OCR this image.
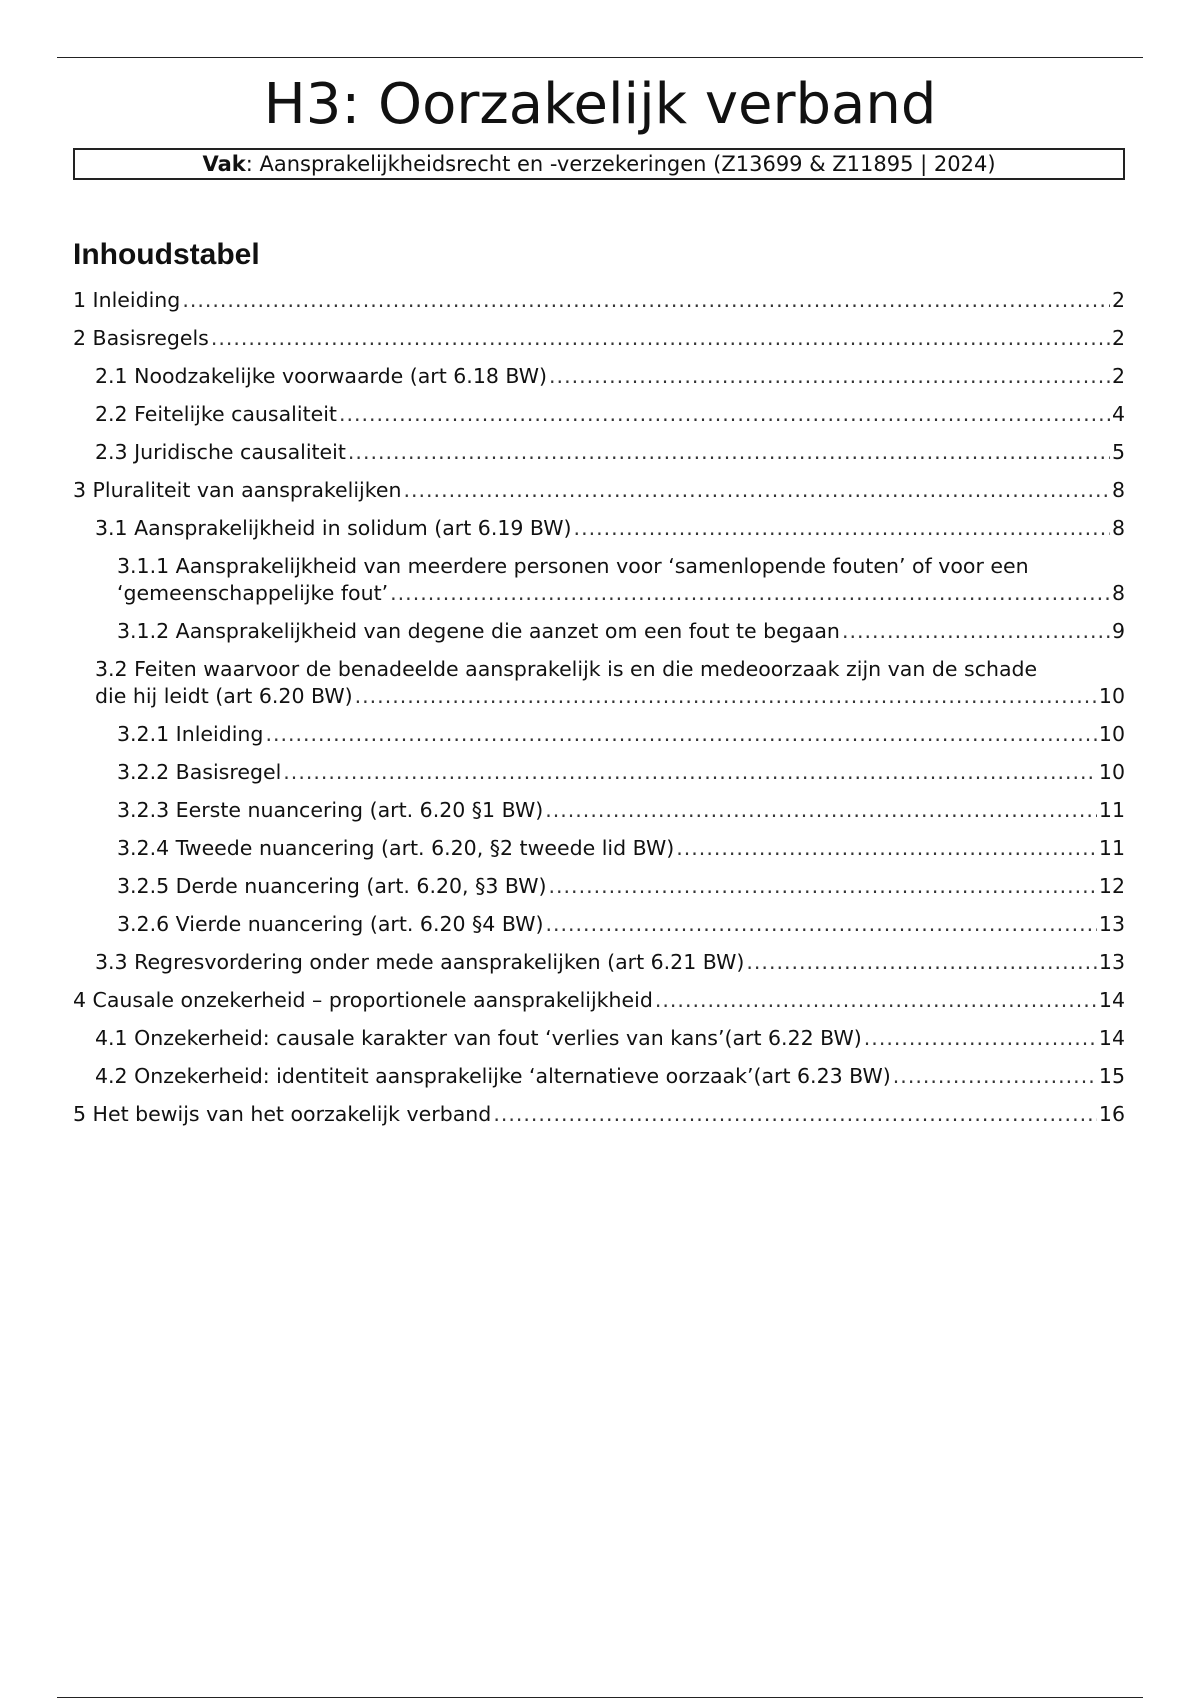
H3: Oorzakelijk verband
Vak: Aansprakelijkheidsrecht en -verzekeringen (Z13699 & Z11895 | 2024)
Inhoudstabel
1 Inleiding .....	2
2 Basisregels .....	2
2.1 Noodzakelijke voorwaarde (art 6.18 BW) .....	2
2.2 Feitelijke causaliteit .....	4
2.3 Juridische causaliteit .....	5
3 Pluraliteit van aansprakelijken .....	8
3.1 Aansprakelijkheid in solidum (art 6.19 BW) .....	8
3.1.1 Aansprakelijkheid van meerdere personen voor ‘samenlopende fouten’ of voor een
‘gemeenschappelijke fout’ .....	8
3.1.2 Aansprakelijkheid van degene die aanzet om een fout te begaan .....	9
3.2 Feiten waarvoor de benadeelde aansprakelijk is en die medeoorzaak zijn van de schade
die hij leidt (art 6.20 BW) .....	10
3.2.1 Inleiding .....	10
3.2.2 Basisregel .....	10
3.2.3 Eerste nuancering (art. 6.20 §1 BW) .....	11
3.2.4 Tweede nuancering (art. 6.20, §2 tweede lid BW) .....	11
3.2.5 Derde nuancering (art. 6.20, §3 BW) .....	12
3.2.6 Vierde nuancering (art. 6.20 §4 BW) .....	13
3.3 Regresvordering onder mede aansprakelijken (art 6.21 BW) .....	13
4 Causale onzekerheid – proportionele aansprakelijkheid .....	14
4.1 Onzekerheid: causale karakter van fout ‘verlies van kans’(art 6.22 BW) .....	14
4.2 Onzekerheid: identiteit aansprakelijke ‘alternatieve oorzaak’(art 6.23 BW) .....	15
5 Het bewijs van het oorzakelijk verband .....	16
